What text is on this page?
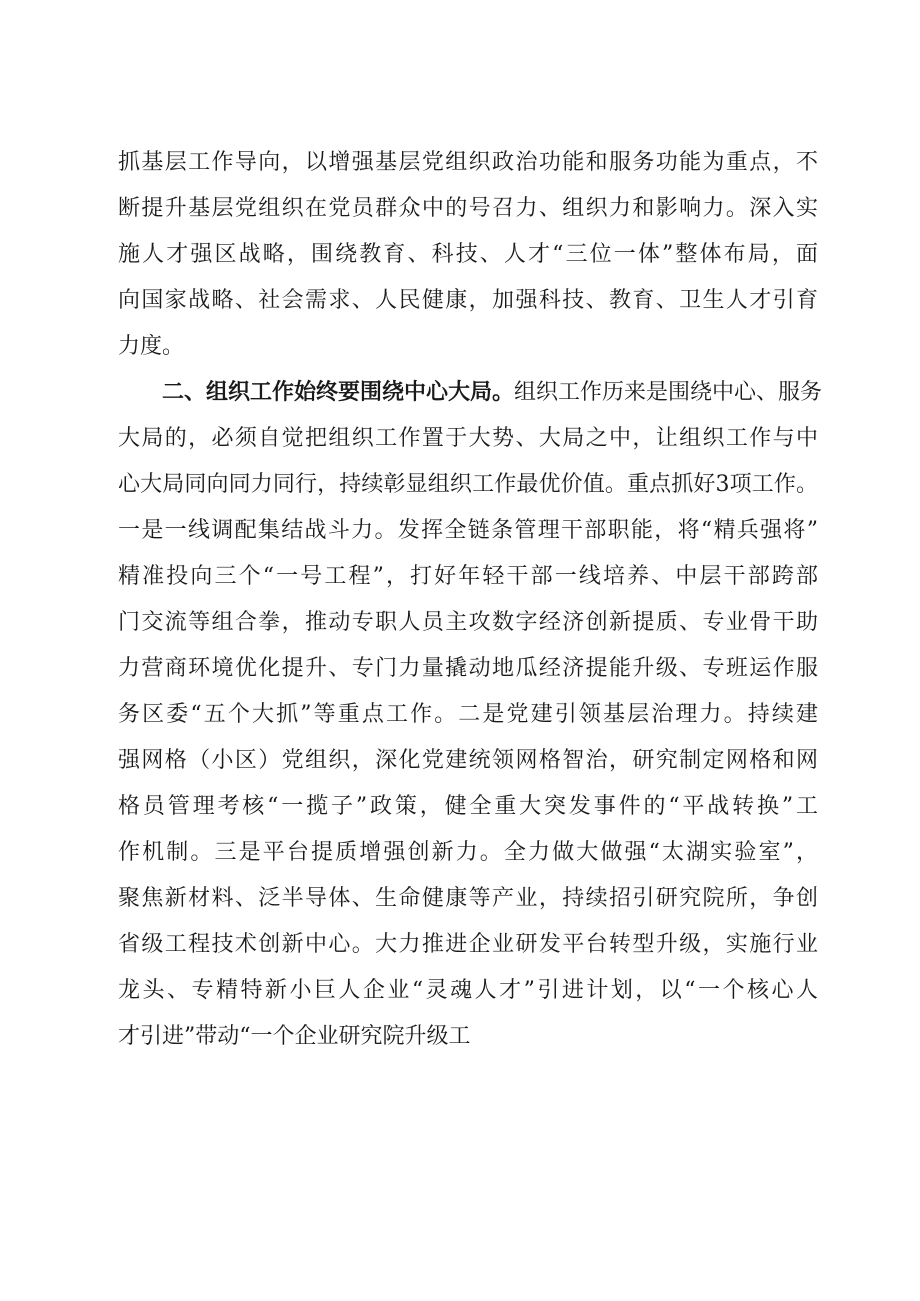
抓基层工作导向，以增强基层党组织政治功能和服务功能为重点，不
断提升基层党组织在党员群众中的号召力、组织力和影响力。深入实
施人才强区战略，围绕教育、科技、人才“三位一体”整体布局，面
向国家战略、社会需求、人民健康，加强科技、教育、卫生人才引育
力度。
二、组织工作始终要围绕中心大局。组织工作历来是围绕中心、服务
大局的，必须自觉把组织工作置于大势、大局之中，让组织工作与中
心大局同向同力同行，持续彰显组织工作最优价值。重点抓好3项工作。
一是一线调配集结战斗力。发挥全链条管理干部职能，将“精兵强将”
精准投向三个“一号工程”，打好年轻干部一线培养、中层干部跨部
门交流等组合拳，推动专职人员主攻数字经济创新提质、专业骨干助
力营商环境优化提升、专门力量撬动地瓜经济提能升级、专班运作服
务区委“五个大抓”等重点工作。二是党建引领基层治理力。持续建
强网格（小区）党组织，深化党建统领网格智治，研究制定网格和网
格员管理考核“一揽子”政策，健全重大突发事件的“平战转换”工
作机制。三是平台提质增强创新力。全力做大做强“太湖实验室”，
聚焦新材料、泛半导体、生命健康等产业，持续招引研究院所，争创
省级工程技术创新中心。大力推进企业研发平台转型升级，实施行业
龙头、专精特新小巨人企业“灵魂人才”引进计划，以“一个核心人
才引进”带动“一个企业研究院升级工
